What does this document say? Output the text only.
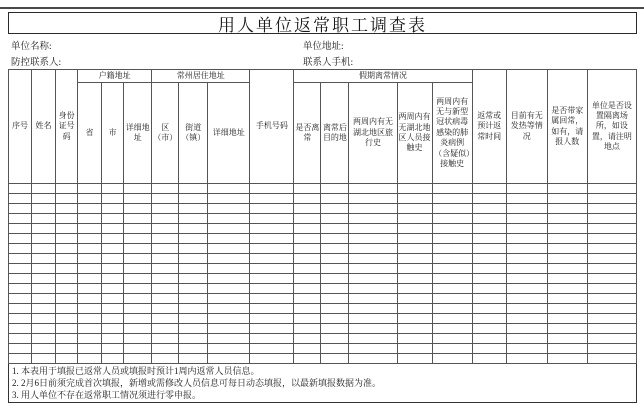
用人单位返常职工调查表
单位名称:	单位地址:
防控联系人:	联系人手机:
序号	姓名	身份证号码	户籍地址			常州居住地址			手机号码	假期离常情况					返常或预计返常时间	目前有无发热等情况	是否带家属回常，如有，请报人数	单位是否设置隔离场所，如设置，请注明地点
			省	市	详细地址	区（市）	街道（镇）	详细地址		是否离常	离常后目的地	两周内有无湖北地区旅行史	两周内有无湖北地区人员接触史	两周内有无与新型冠状病毒感染的肺炎病例（含疑似）接触史				

1. 本表用于填报已返常人员或填报时预计1周内返常人员信息。
2. 2月6日前须完成首次填报，新增或需修改人员信息可每日动态填报，以最新填报数据为准。
3. 用人单位不存在返常职工情况须进行零申报。																		
